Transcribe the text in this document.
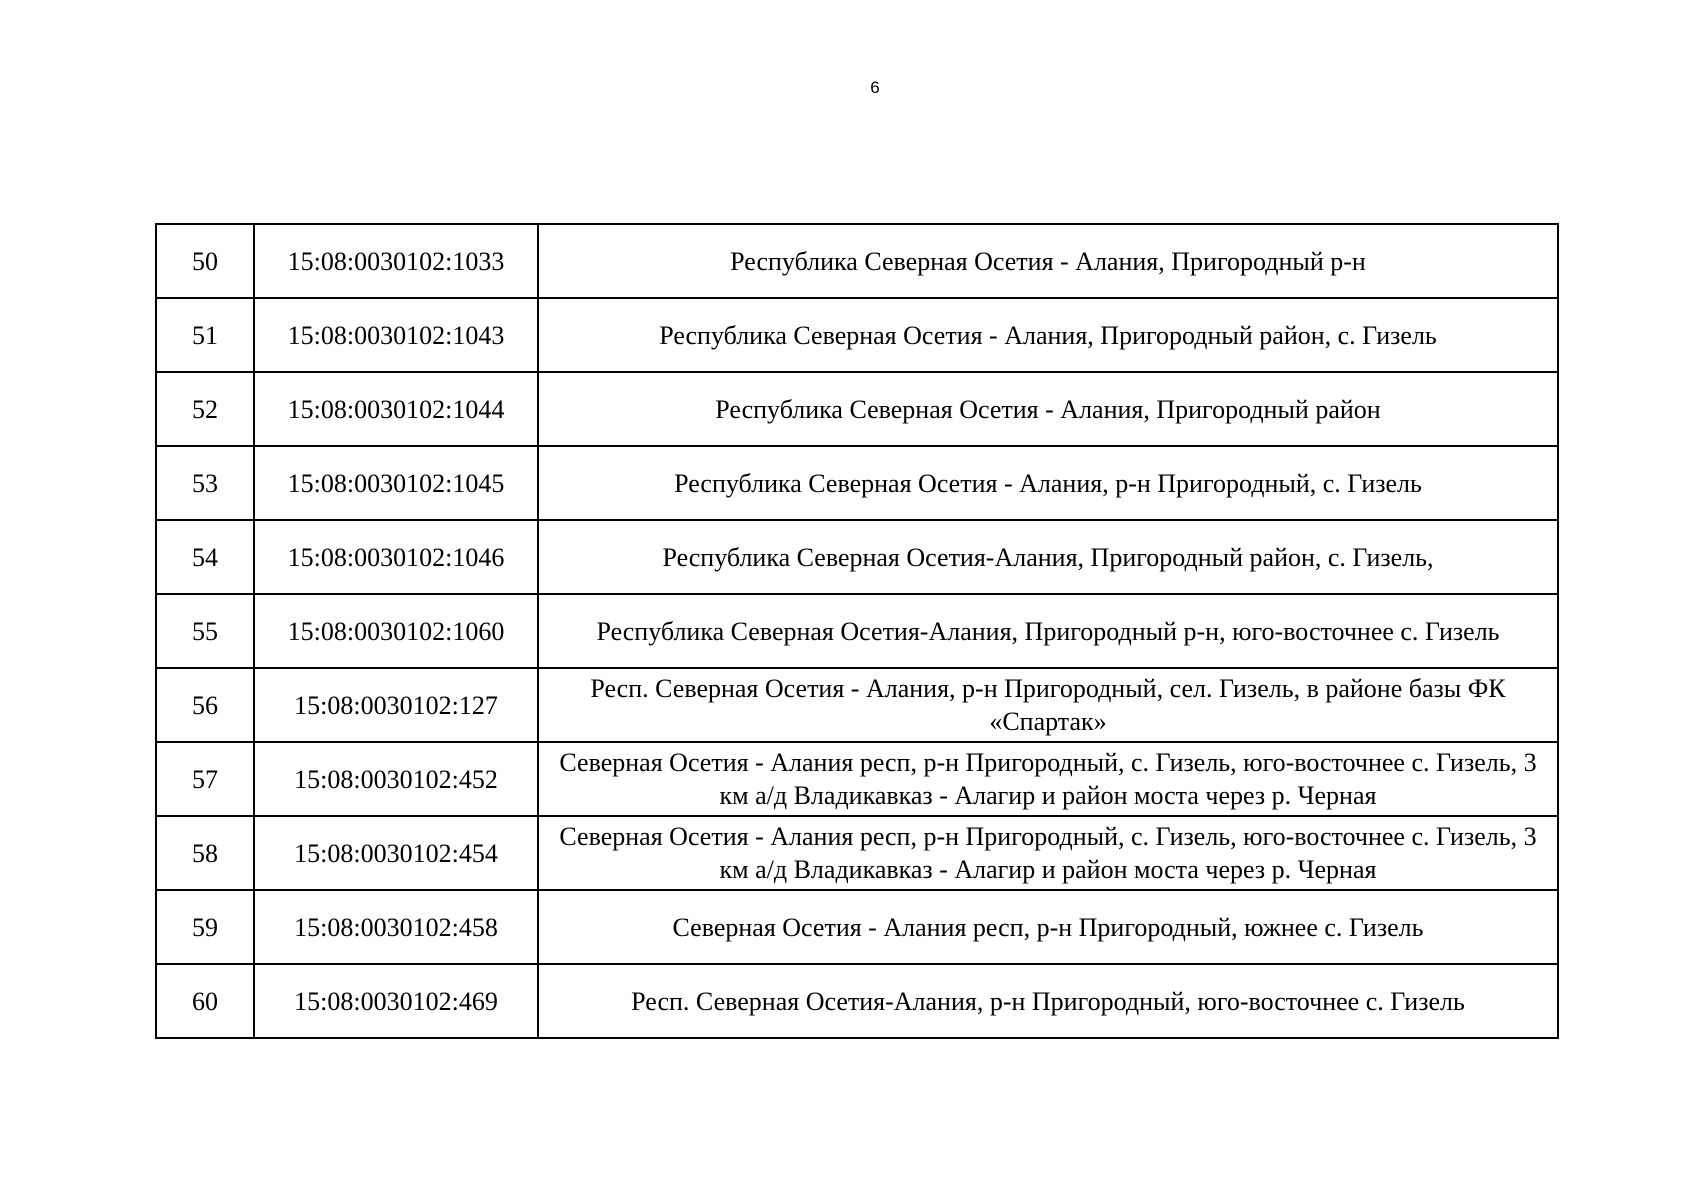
6
50	15:08:0030102:1033	Республика Северная Осетия - Алания, Пригородный р-н
51	15:08:0030102:1043	Республика Северная Осетия - Алания, Пригородный район, с. Гизель
52	15:08:0030102:1044	Республика Северная Осетия - Алания, Пригородный район
53	15:08:0030102:1045	Республика Северная Осетия - Алания, р-н Пригородный, с. Гизель
54	15:08:0030102:1046	Республика Северная Осетия-Алания, Пригородный район, с. Гизель,
55	15:08:0030102:1060	Республика Северная Осетия-Алания, Пригородный р-н, юго-восточнее с. Гизель
56	15:08:0030102:127	Респ. Северная Осетия - Алания, р-н Пригородный, сел. Гизель, в районе базы ФК «Спартак»
57	15:08:0030102:452	Северная Осетия - Алания респ, р-н Пригородный, с. Гизель, юго-восточнее с. Гизель, 3 км а/д Владикавказ - Алагир и район моста через р. Черная
58	15:08:0030102:454	Северная Осетия - Алания респ, р-н Пригородный, с. Гизель, юго-восточнее с. Гизель, 3 км а/д Владикавказ - Алагир и район моста через р. Черная
59	15:08:0030102:458	Северная Осетия - Алания респ, р-н Пригородный, южнее с. Гизель
60	15:08:0030102:469	Респ. Северная Осетия-Алания, р-н Пригородный, юго-восточнее с. Гизель
